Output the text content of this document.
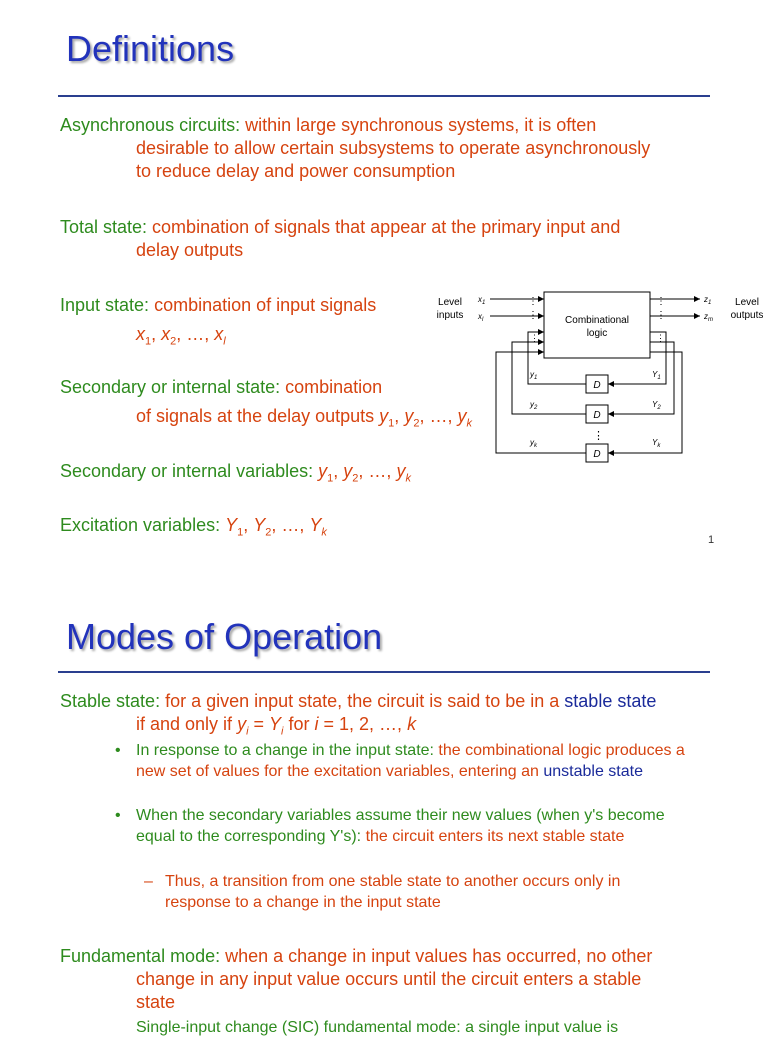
Definitions
Asynchronous circuits: within large synchronous systems, it is often
desirable to allow certain subsystems to operate asynchronously
to reduce delay and power consumption
Total state: combination of signals that appear at the primary input and
delay outputs
Input state: combination of input signals
$x_1$, $x_2$, …, $x_l$
Secondary or internal state: combination
of signals at the delay outputs $y_1$, $y_2$, …, $y_k$
Secondary or internal variables: $y_1$, $y_2$, …, $y_k$
Excitation variables: $Y_1$, $Y_2$, …, $Y_k$
1
Combinational
logic
Level
inputs
$x_1$
$x_l$
⋮
⋮
⋮
⋮
$z_1$
$z_m$
Level
outputs
⋮
D
D
D
⋮
⋮
$y_1$
$y_2$
$y_k$
$Y_1$
$Y_2$
$Y_k$
Modes of Operation
Stable state: for a given input state, the circuit is said to be in a stable state
if and only if $y_i = Y_i$ for i = 1, 2, …, k
• In response to a change in the input state: the combinational logic produces a new set of values for the excitation variables, entering an unstable state
• When the secondary variables assume their new values (when y's become equal to the corresponding Y's): the circuit enters its next stable state
– Thus, a transition from one stable state to another occurs only in response to a change in the input state
Fundamental mode: when a change in input values has occurred, no other
change in any input value occurs until the circuit enters a stable
state
Single-input change (SIC) fundamental mode: a single input value is
